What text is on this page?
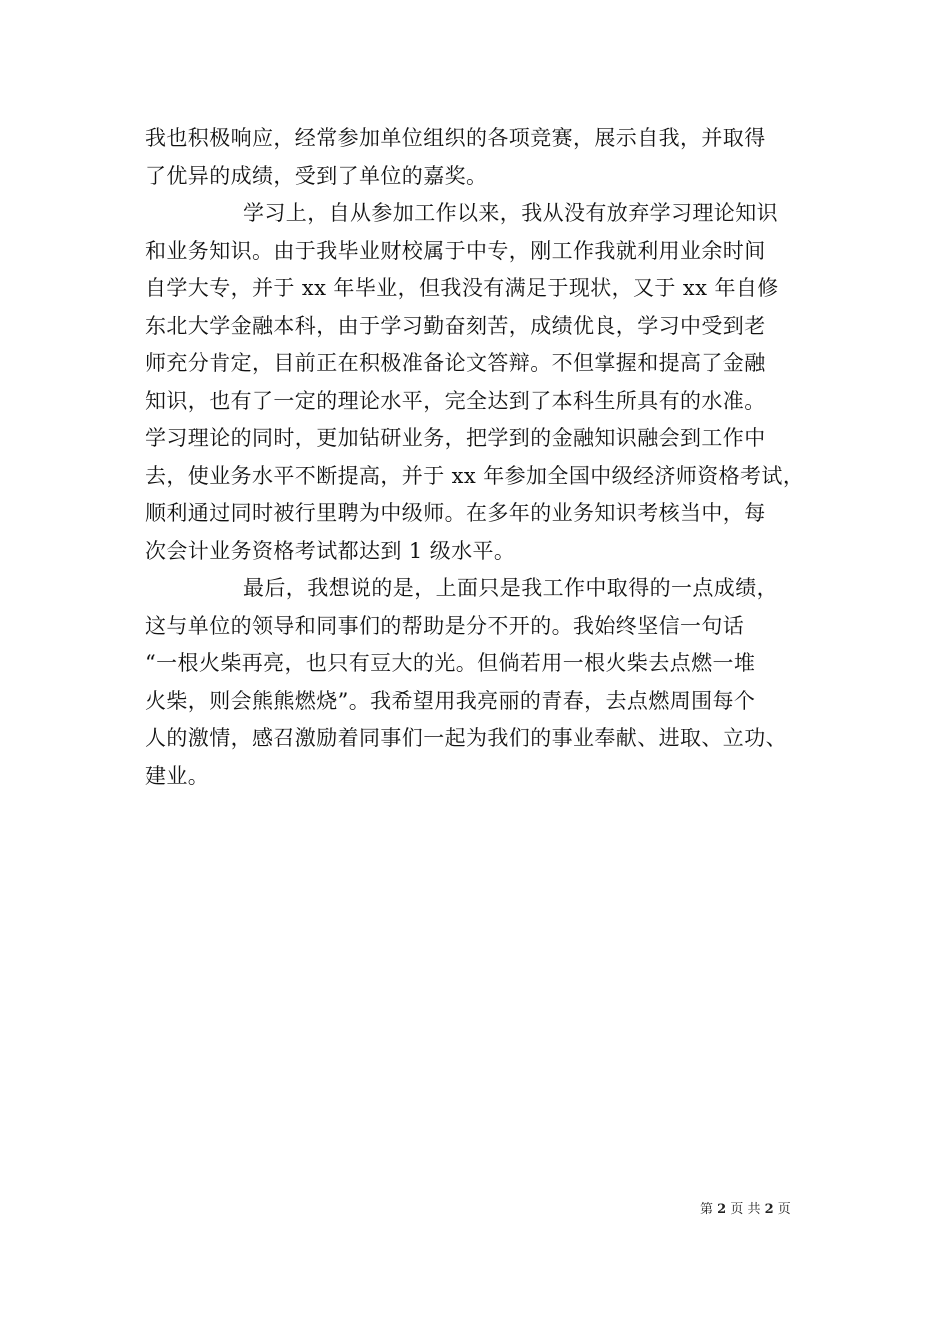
我也积极响应，经常参加单位组织的各项竞赛，展示自我，并取得
了优异的成绩，受到了单位的嘉奖。
学习上，自从参加工作以来，我从没有放弃学习理论知识
和业务知识。由于我毕业财校属于中专，刚工作我就利用业余时间
自学大专，并于 xx 年毕业，但我没有满足于现状，又于 xx 年自修
东北大学金融本科，由于学习勤奋刻苦，成绩优良，学习中受到老
师充分肯定，目前正在积极准备论文答辩。不但掌握和提高了金融
知识，也有了一定的理论水平，完全达到了本科生所具有的水准。
学习理论的同时，更加钻研业务，把学到的金融知识融会到工作中
去，使业务水平不断提高，并于 xx 年参加全国中级经济师资格考试，
顺利通过同时被行里聘为中级师。在多年的业务知识考核当中，每
次会计业务资格考试都达到 1 级水平。
最后，我想说的是，上面只是我工作中取得的一点成绩，
这与单位的领导和同事们的帮助是分不开的。我始终坚信一句话
“一根火柴再亮，也只有豆大的光。但倘若用一根火柴去点燃一堆
火柴，则会熊熊燃烧”。我希望用我亮丽的青春，去点燃周围每个
人的激情，感召激励着同事们一起为我们的事业奉献、进取、立功、
建业。
第 2 页 共 2 页
